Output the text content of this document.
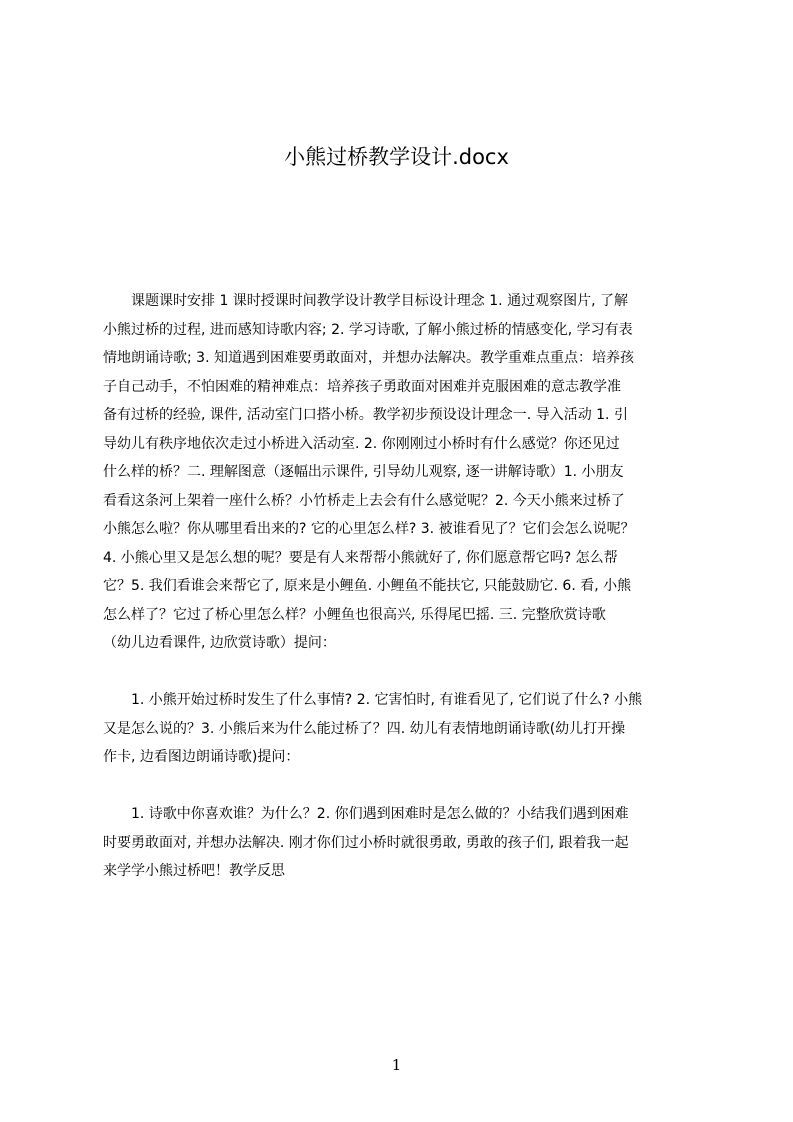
小熊过桥教学设计.docx
课题课时安排 1 课时授课时间教学设计教学目标设计理念 1. 通过观察图片, 了解
小熊过桥的过程, 进而感知诗歌内容; 2. 学习诗歌, 了解小熊过桥的情感变化, 学习有表
情地朗诵诗歌; 3. 知道遇到困难要勇敢面对，并想办法解决。教学重难点重点：培养孩
子自己动手，不怕困难的精神难点：培养孩子勇敢面对困难并克服困难的意志教学准
备有过桥的经验, 课件, 活动室门口搭小桥。教学初步预设设计理念一. 导入活动 1. 引
导幼儿有秩序地依次走过小桥进入活动室. 2. 你刚刚过小桥时有什么感觉？你还见过
什么样的桥？二. 理解图意（逐幅出示课件, 引导幼儿观察, 逐一讲解诗歌）1. 小朋友
看看这条河上架着一座什么桥？小竹桥走上去会有什么感觉呢？2. 今天小熊来过桥了
小熊怎么啦？你从哪里看出来的? 它的心里怎么样? 3. 被谁看见了？它们会怎么说呢？
4. 小熊心里又是怎么想的呢？要是有人来帮帮小熊就好了, 你们愿意帮它吗? 怎么帮
它？5. 我们看谁会来帮它了, 原来是小鲤鱼. 小鲤鱼不能扶它, 只能鼓励它. 6. 看, 小熊
怎么样了？它过了桥心里怎么样？小鲤鱼也很高兴, 乐得尾巴摇. 三. 完整欣赏诗歌
（幼儿边看课件, 边欣赏诗歌）提问：
1. 小熊开始过桥时发生了什么事情? 2. 它害怕时, 有谁看见了, 它们说了什么? 小熊
又是怎么说的？3. 小熊后来为什么能过桥了？四. 幼儿有表情地朗诵诗歌(幼儿打开操
作卡, 边看图边朗诵诗歌)提问：
1. 诗歌中你喜欢谁？为什么？2. 你们遇到困难时是怎么做的？小结我们遇到困难
时要勇敢面对, 并想办法解决. 刚才你们过小桥时就很勇敢, 勇敢的孩子们, 跟着我一起
来学学小熊过桥吧！教学反思
1
